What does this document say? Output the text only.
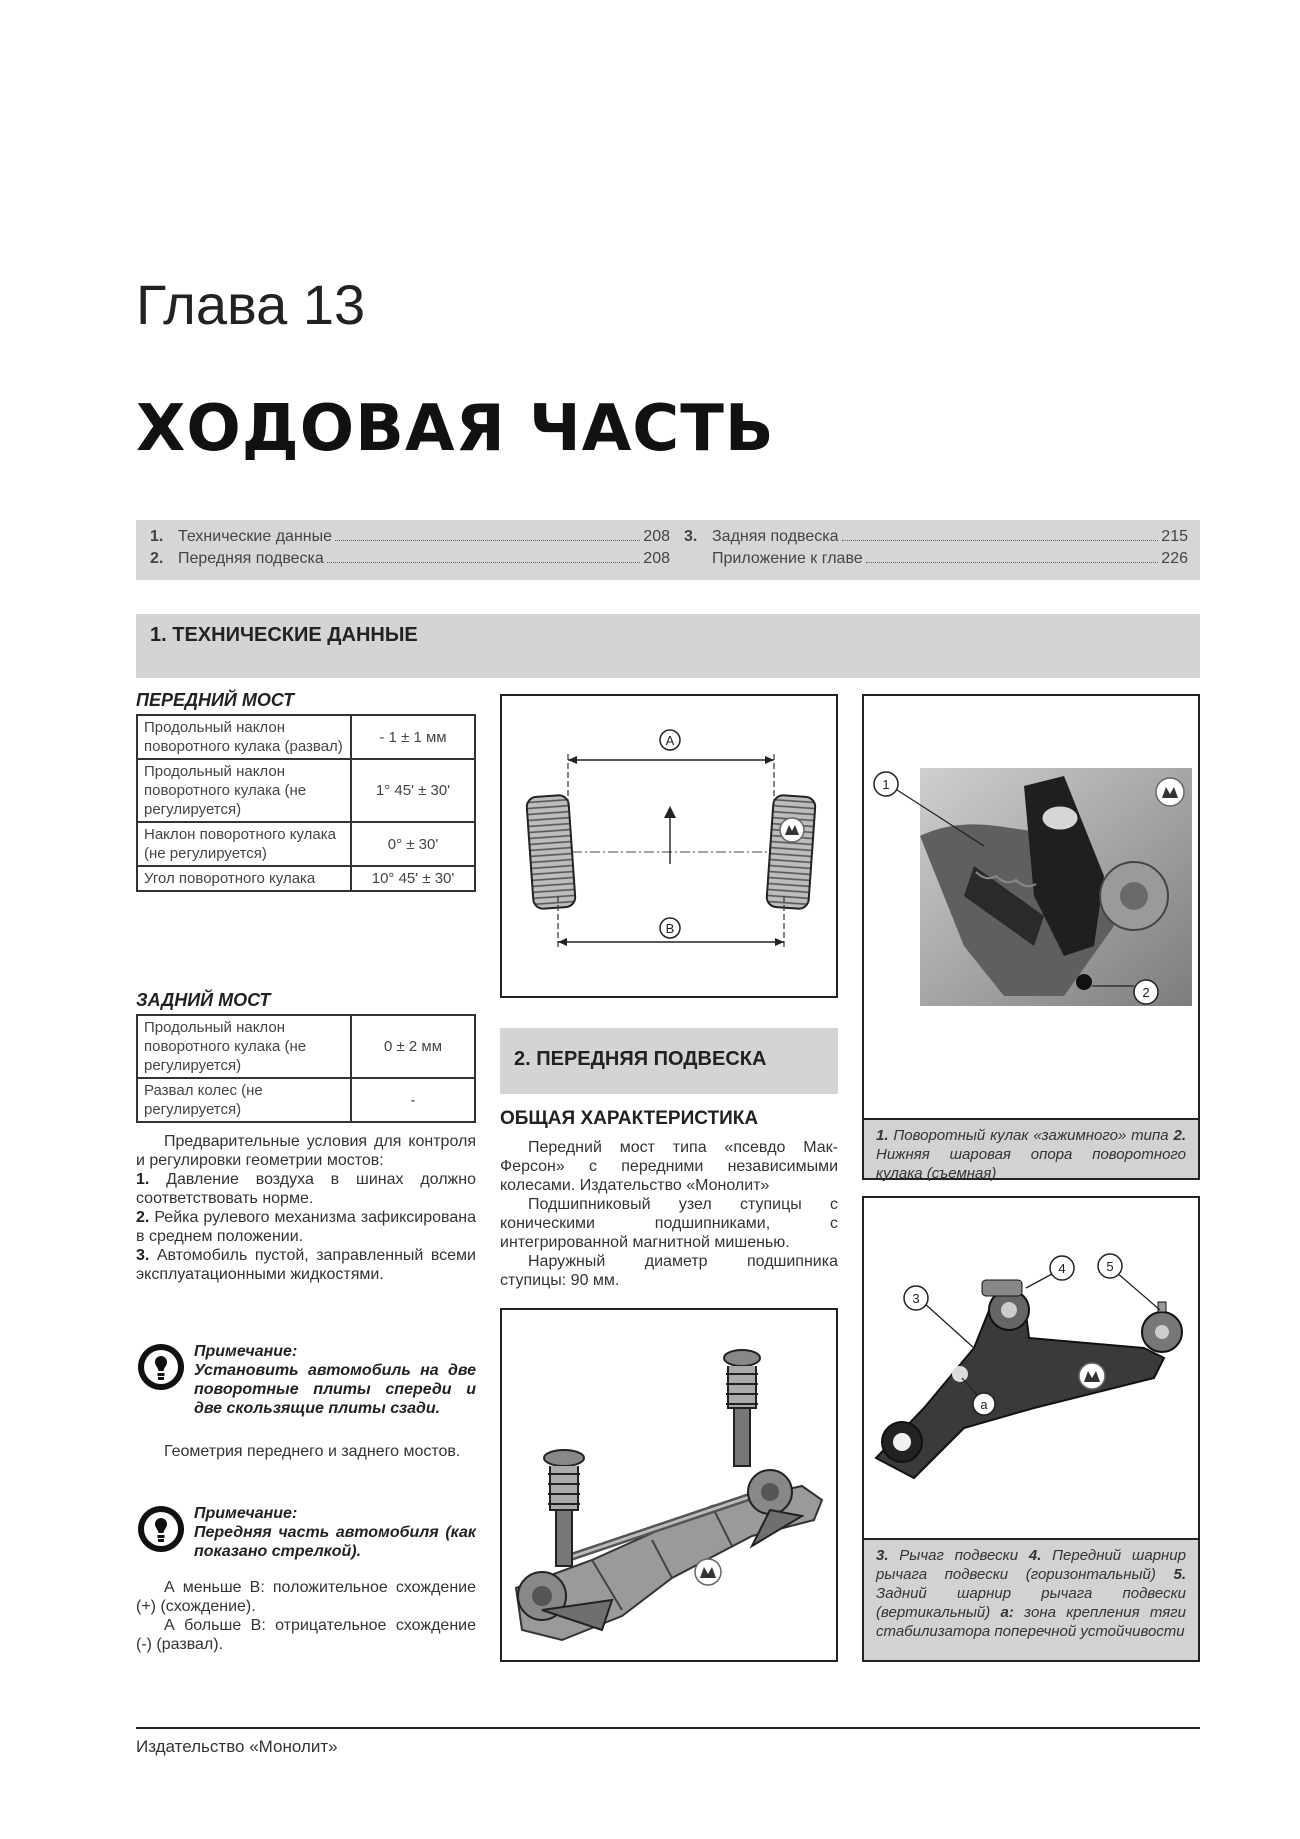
Глава 13
ХОДОВАЯ ЧАСТЬ
1. Технические данные	208
2. Передняя подвеска	208
3. Задняя подвеска	215
Приложение к главе	226
1. ТЕХНИЧЕСКИЕ ДАННЫЕ
ПЕРЕДНИЙ МОСТ
Продольный наклон поворотного кулака (развал)	- 1 ± 1 мм
Продольный наклон поворотного кулака (не регулируется)	1° 45' ± 30'
Наклон поворотного кулака (не регулируется)	0° ± 30'
Угол поворотного кулака	10° 45' ± 30'
ЗАДНИЙ МОСТ
Продольный наклон поворотного кулака (не регулируется)	0 ± 2 мм
Развал колес (не регулируется)	-

Предварительные условия для контроля и регулировки геометрии мостов:

1. Давление воздуха в шинах должно соответствовать норме.

2. Рейка рулевого механизма зафиксирована в среднем положении.

3. Автомобиль пустой, заправленный всеми эксплуатационными жидкостями.

Примечание:
Установить автомобиль на две поворотные плиты спереди и две скользящие плиты сзади.
Геометрия переднего и заднего мостов.
Примечание:
Передняя часть автомобиля (как показано стрелкой).

А меньше В: положительное схождение (+) (схождение).

А больше В: отрицательное схождение (-) (развал).

A
B
2. ПЕРЕДНЯЯ ПОДВЕСКА
ОБЩАЯ ХАРАКТЕРИСТИКА

Передний мост типа «псевдо Мак-Ферсон» с передними независимыми колесами. Издательство «Монолит»

Подшипниковый узел ступицы с коническими подшипниками, с интегрированной магнитной мишенью.

Наружный диаметр подшипника ступицы: 90 мм.

1
2
1. Поворотный кулак «зажимного» типа 2. Нижняя шаровая опора поворотного кулака (съемная)
3
4	5
a
3. Рычаг подвески 4. Передний шарнир рычага подвески (горизонтальный) 5. Задний шарнир рычага подвески (вертикальный) a: зона крепления тяги стабилизатора поперечной устойчивости
Издательство «Монолит»
